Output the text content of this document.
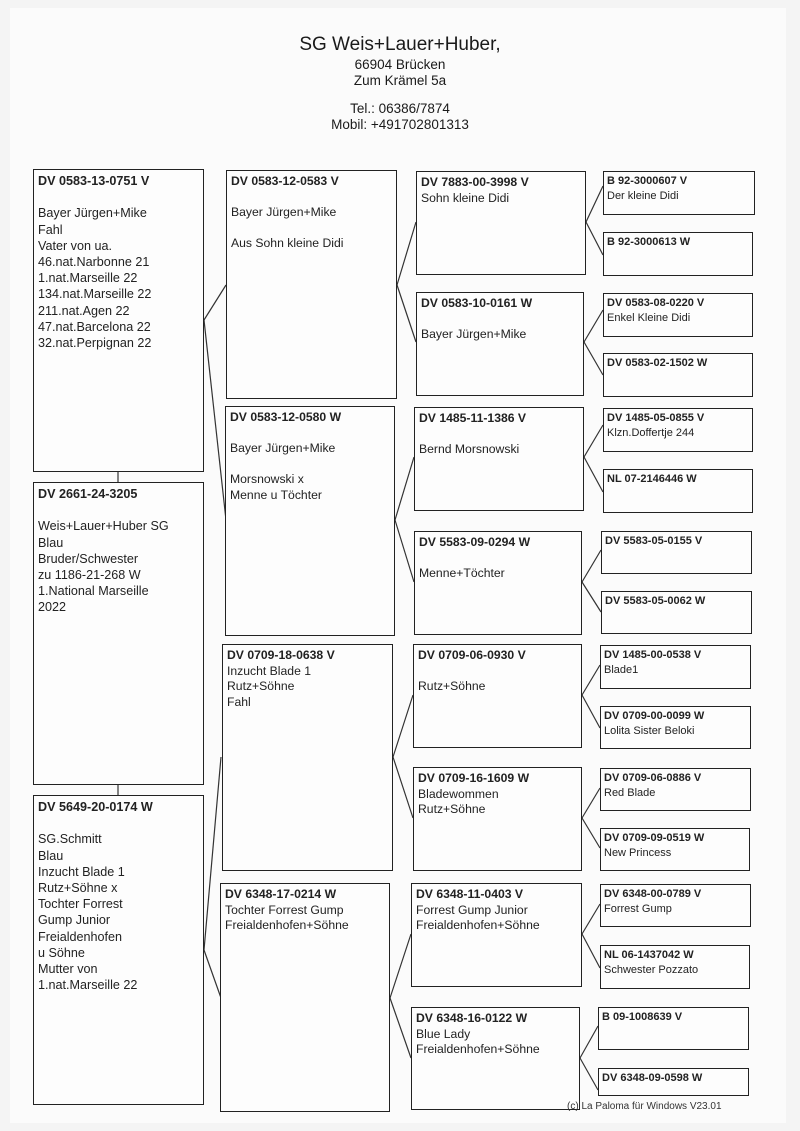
SG Weis+Lauer+Huber,
66904 Brücken
Zum Krämel 5a
Tel.: 06386/7874
Mobil: +491702801313
DV 0583-13-0751 V
Bayer Jürgen+Mike
Fahl
Vater von ua.
46.nat.Narbonne 21
1.nat.Marseille 22
134.nat.Marseille 22
211.nat.Agen 22
47.nat.Barcelona 22
32.nat.Perpignan 22
DV 2661-24-3205
Weis+Lauer+Huber SG
Blau
Bruder/Schwester
zu 1186-21-268 W
1.National Marseille
2022
DV 5649-20-0174 W
SG.Schmitt
Blau
Inzucht Blade 1
Rutz+Söhne x
Tochter Forrest
Gump Junior
Freialdenhofen
u Söhne
Mutter von
1.nat.Marseille 22
DV 0583-12-0583 V
Bayer Jürgen+Mike
Aus Sohn kleine Didi
DV 0583-12-0580 W
Bayer Jürgen+Mike
Morsnowski x
Menne u Töchter
DV 0709-18-0638 V
Inzucht Blade 1
Rutz+Söhne
Fahl
DV 6348-17-0214 W
Tochter Forrest Gump
Freialdenhofen+Söhne
DV 7883-00-3998 V
Sohn kleine Didi
DV 0583-10-0161 W
Bayer Jürgen+Mike
DV 1485-11-1386 V
Bernd Morsnowski
DV 5583-09-0294 W
Menne+Töchter
DV 0709-06-0930 V
Rutz+Söhne
DV 0709-16-1609 W
Bladewommen
Rutz+Söhne
DV 6348-11-0403 V
Forrest Gump Junior
Freialdenhofen+Söhne
DV 6348-16-0122 W
Blue Lady
Freialdenhofen+Söhne
B 92-3000607 V
Der kleine Didi
B 92-3000613 W
DV 0583-08-0220 V
Enkel Kleine Didi
DV 0583-02-1502 W
DV 1485-05-0855 V
Klzn.Doffertje 244
NL 07-2146446 W
DV 5583-05-0155 V
DV 5583-05-0062 W
DV 1485-00-0538 V
Blade1
DV 0709-00-0099 W
Lolita Sister Beloki
DV 0709-06-0886 V
Red Blade
DV 0709-09-0519 W
New Princess
DV 6348-00-0789 V
Forrest Gump
NL 06-1437042 W
Schwester Pozzato
B 09-1008639 V
DV 6348-09-0598 W
(c) La Paloma für Windows V23.01
